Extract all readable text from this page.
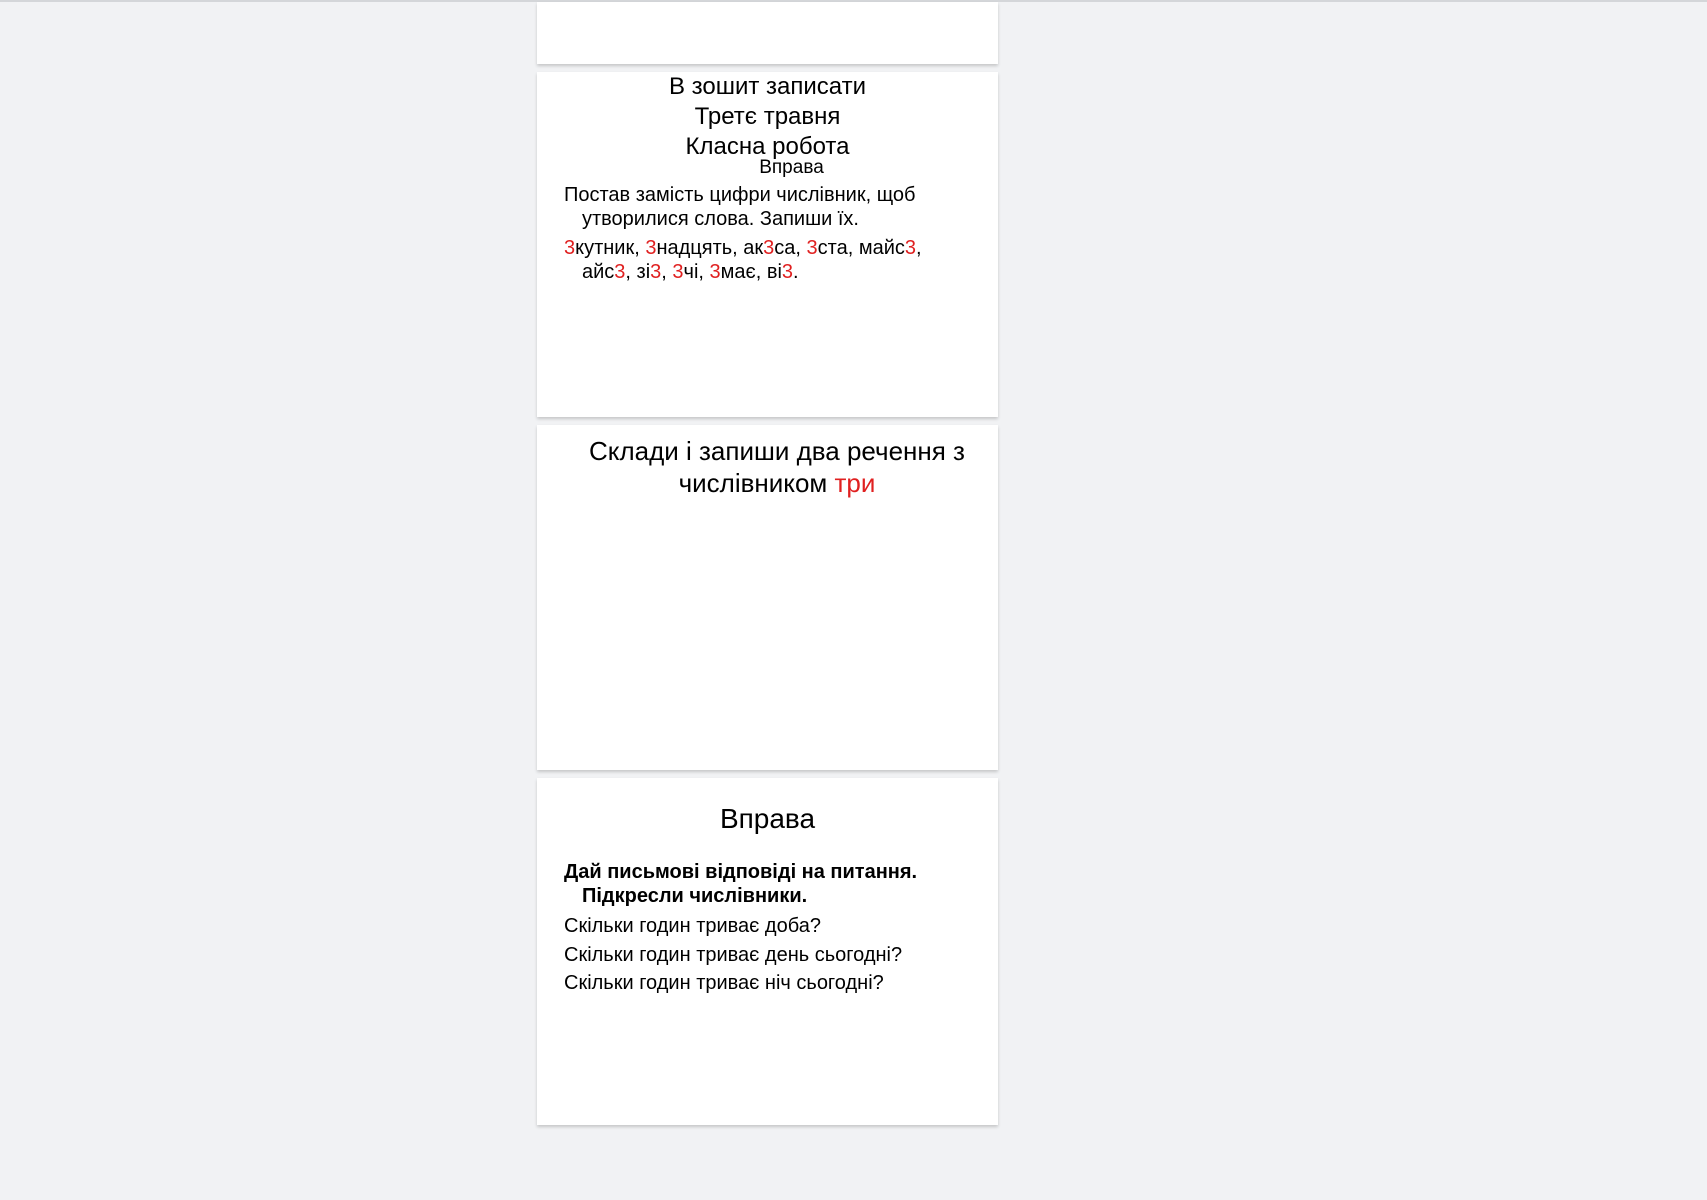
В зошит записати
Третє травня
Класна робота
Вправа
Постав замість цифри числівник, щоб
утворилися слова. Запиши їх.
3кутник, 3надцять, ак3са, 3ста, майс3,
айс3, зі3, 3чі, 3має, ві3.
Склади і запиши два речення з числівником три
Вправа
Дай письмові відповіді на питання.
Підкресли числівники.
Скільки годин триває доба?
Скільки годин триває день сьогодні?
Скільки годин триває ніч сьогодні?
